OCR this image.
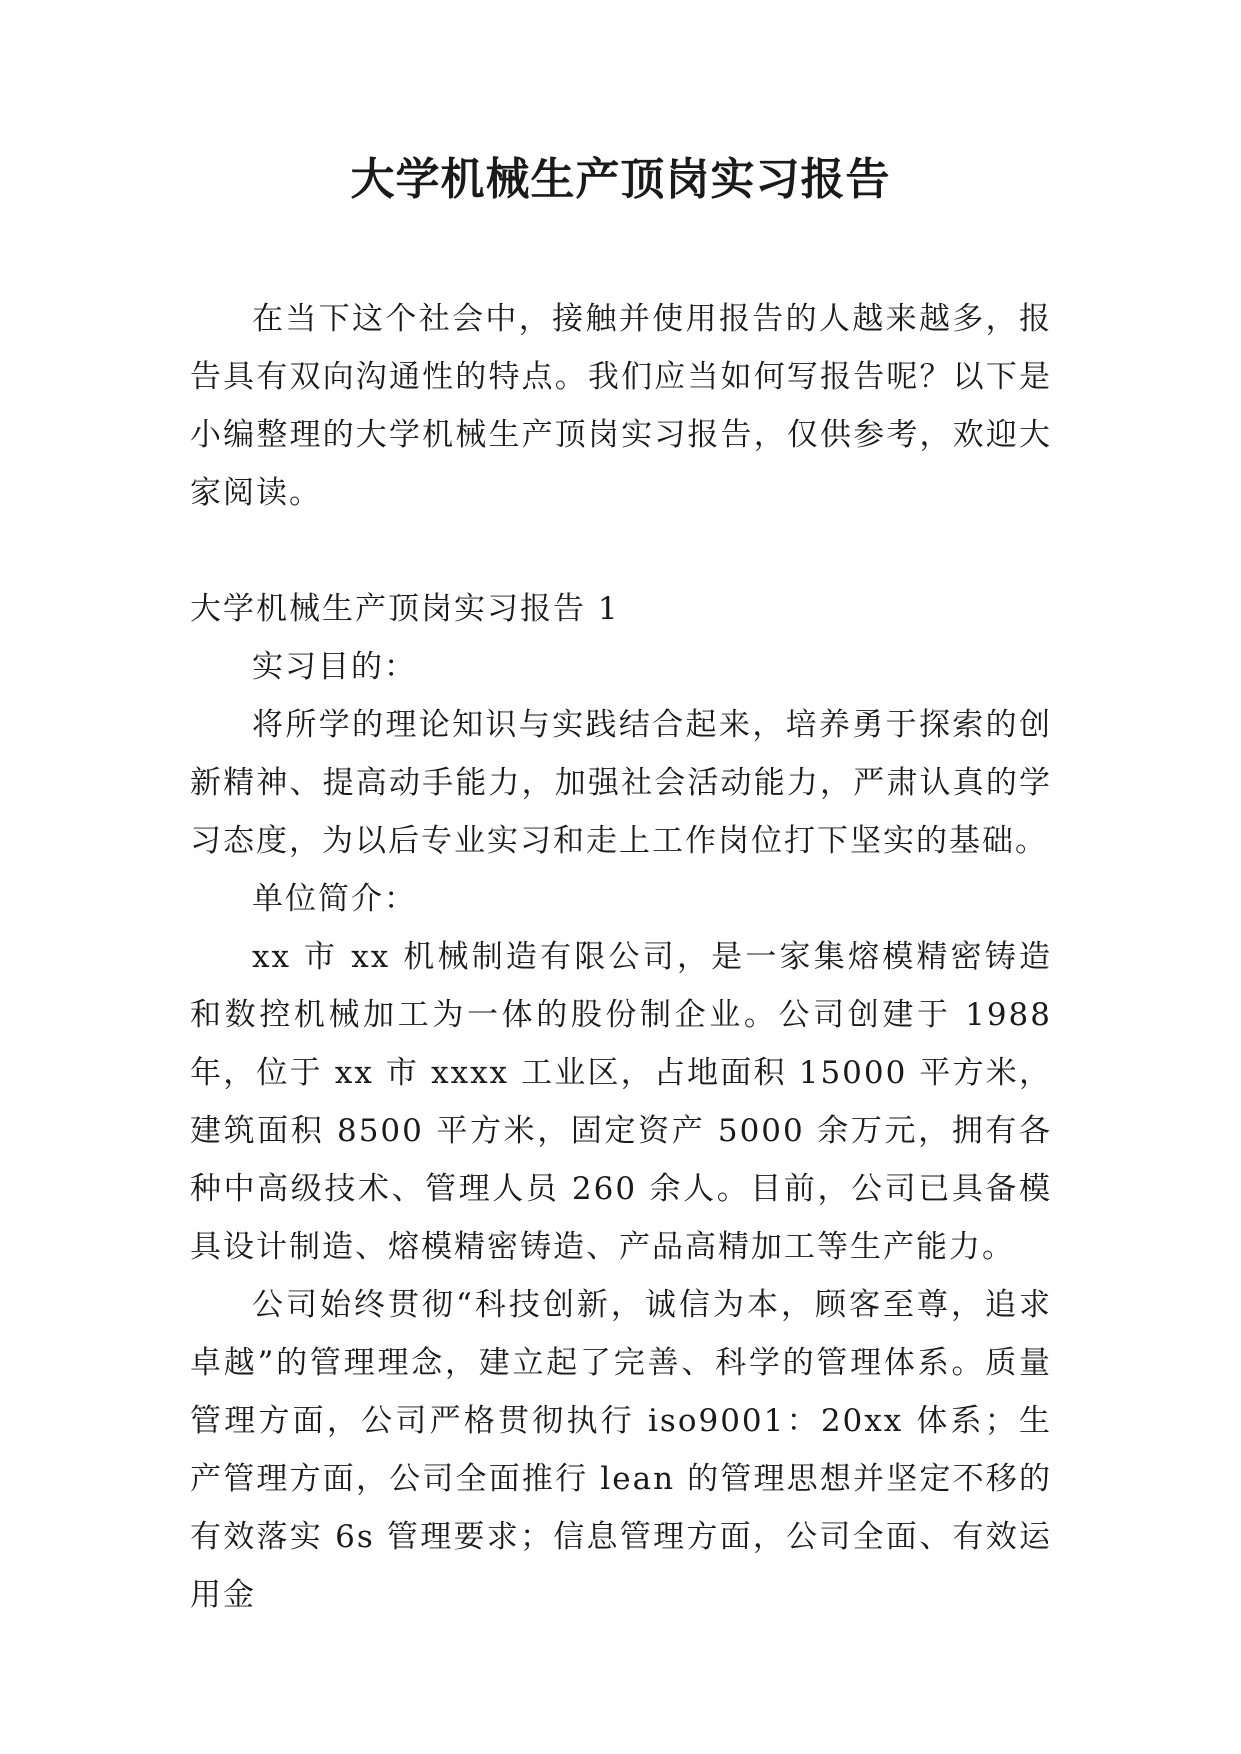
大学机械生产顶岗实习报告

在当下这个社会中，接触并使用报告的人越来越多，报告具有双向沟通性的特点。我们应当如何写报告呢？以下是小编整理的大学机械生产顶岗实习报告，仅供参考，欢迎大家阅读。

大学机械生产顶岗实习报告 1

实习目的：

将所学的理论知识与实践结合起来，培养勇于探索的创新精神、提高动手能力，加强社会活动能力，严肃认真的学习态度，为以后专业实习和走上工作岗位打下坚实的基础。

单位简介：

xx 市 xx 机械制造有限公司，是一家集熔模精密铸造和数控机械加工为一体的股份制企业。公司创建于 1988 年，位于 xx 市 xxxx 工业区，占地面积 15000 平方米，建筑面积 8500 平方米，固定资产 5000 余万元，拥有各种中高级技术、管理人员 260 余人。目前，公司已具备模具设计制造、熔模精密铸造、产品高精加工等生产能力。

公司始终贯彻“科技创新，诚信为本，顾客至尊，追求卓越”的管理理念，建立起了完善、科学的管理体系。质量管理方面，公司严格贯彻执行 iso9001：20xx 体系；生产管理方面，公司全面推行 lean 的管理思想并坚定不移的有效落实 6s 管理要求；信息管理方面，公司全面、有效运用金
